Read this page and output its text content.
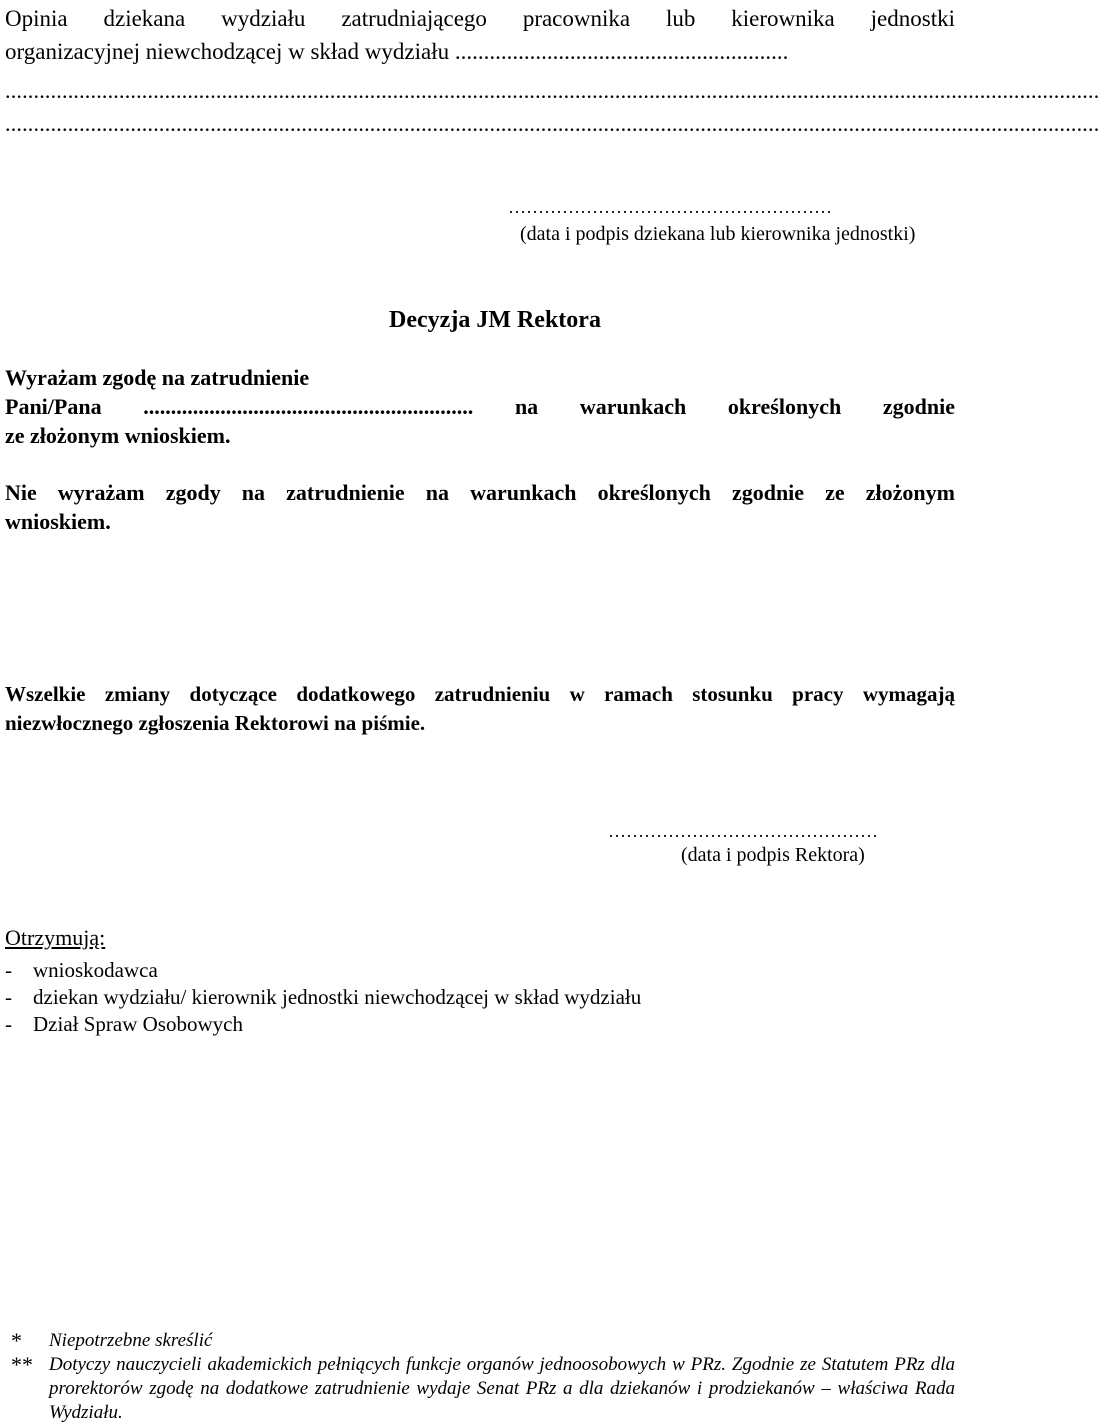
Opinia dziekana wydziału zatrudniającego pracownika lub kierownika jednostki
organizacyjnej niewchodzącej w skład wydziału ..........................................................
................................................................................................................................................................................................
................................................................................................................................................................................................
………………………………………………
(data i podpis dziekana lub kierownika jednostki)
Decyzja JM Rektora
Wyrażam zgodę na zatrudnienie
Pani/Pana ............................................................ na warunkach określonych zgodnie
ze złożonym wnioskiem.
Nie wyrażam zgody na zatrudnienie na warunkach określonych zgodnie ze złożonym
wnioskiem.
Wszelkie zmiany dotyczące dodatkowego zatrudnieniu w ramach stosunku pracy wymagają
niezwłocznego zgłoszenia Rektorowi na piśmie.
………………………………………
(data i podpis Rektora)
Otrzymują:
-	wnioskodawca
-	dziekan wydziału/ kierownik jednostki niewchodzącej w skład wydziału
-	Dział Spraw Osobowych
*	Niepotrzebne skreślić
** Dotyczy nauczycieli akademickich pełniących funkcje organów jednoosobowych w PRz. Zgodnie ze Statutem PRz dla prorektorów zgodę na dodatkowe zatrudnienie wydaje Senat PRz a dla dziekanów i prodziekanów – właściwa Rada Wydziału.
